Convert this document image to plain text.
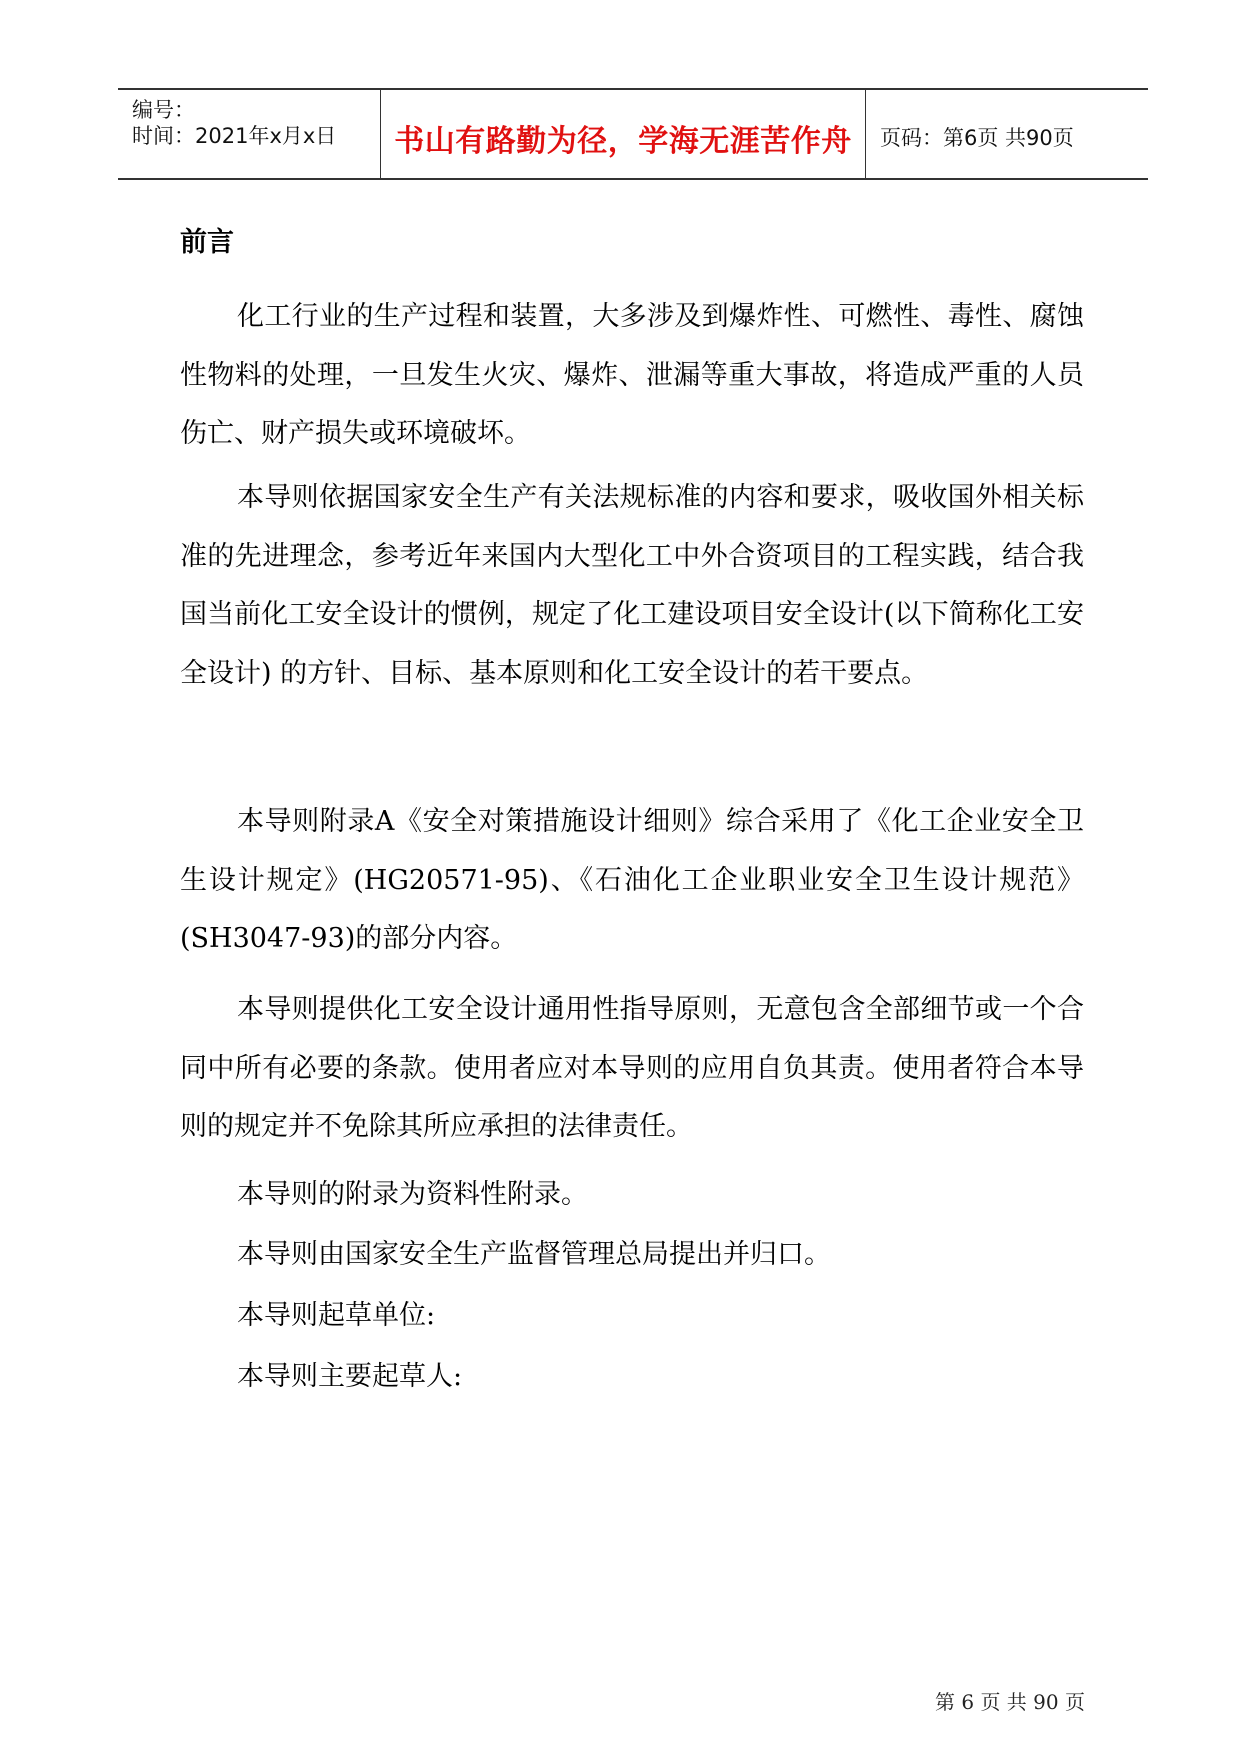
编号：
时间：2021年x月x日	书山有路勤为径，学海无涯苦作舟	页码：第6页 共90页
前言

化工行业的生产过程和装置，大多涉及到爆炸性、可燃性、毒性、腐蚀性物料的处理，一旦发生火灾、爆炸、泄漏等重大事故，将造成严重的人员伤亡、财产损失或环境破坏。

本导则依据国家安全生产有关法规标准的内容和要求，吸收国外相关标准的先进理念，参考近年来国内大型化工中外合资项目的工程实践，结合我国当前化工安全设计的惯例，规定了化工建设项目安全设计(以下简称化工安全设计) 的方针、目标、基本原则和化工安全设计的若干要点。

本导则附录A《安全对策措施设计细则》综合采用了《化工企业安全卫生设计规定》(HG20571-95)、《石油化工企业职业安全卫生设计规范》(SH3047-93)的部分内容。

本导则提供化工安全设计通用性指导原则，无意包含全部细节或一个合同中所有必要的条款。使用者应对本导则的应用自负其责。使用者符合本导则的规定并不免除其所应承担的法律责任。

本导则的附录为资料性附录。

本导则由国家安全生产监督管理总局提出并归口。

本导则起草单位:

本导则主要起草人:

第 6 页 共 90 页
